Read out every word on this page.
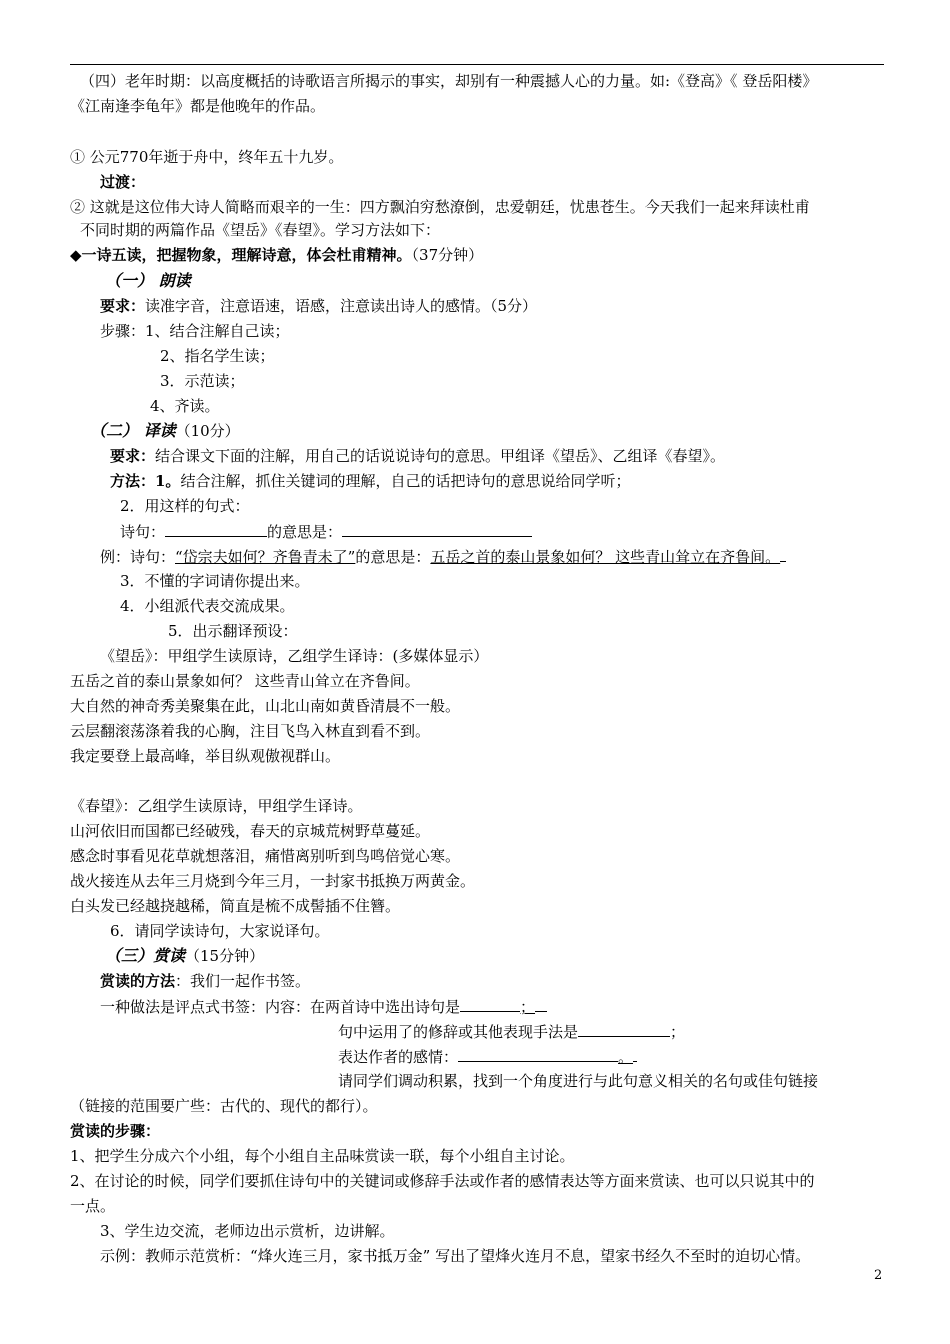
（四）老年时期：以高度概括的诗歌语言所揭示的事实，却别有一种震撼人心的力量。如:《登高》《 登岳阳楼》
《江南逢李龟年》都是他晚年的作品。
① 公元770年逝于舟中，终年五十九岁。
过渡：
② 这就是这位伟大诗人简略而艰辛的一生：四方飘泊穷愁潦倒，忠爱朝廷，忧患苍生。今天我们一起来拜读杜甫
不同时期的两篇作品《望岳》《春望》。学习方法如下：
◆一诗五读，把握物象，理解诗意，体会杜甫精神。（37分钟）
（一） 朗读
要求：读准字音，注意语速，语感，注意读出诗人的感情。（5分）
步骤：1、结合注解自己读；
2、指名学生读；
3．示范读；
4、齐读。
（二） 译读（10分）
要求：结合课文下面的注解，用自己的话说说诗句的意思。甲组译《望岳》、乙组译《春望》。
方法：1。结合注解，抓住关键词的理解，自己的话把诗句的意思说给同学听；
2．用这样的句式：
诗句：	的意思是：
例：诗句：“岱宗夫如何？齐鲁青未了”的意思是：五岳之首的泰山景象如何？ 这些青山耸立在齐鲁间。
3．不懂的字词请你提出来。
4．小组派代表交流成果。
5．出示翻译预设：
《望岳》：甲组学生读原诗，乙组学生译诗：(多媒体显示）
五岳之首的泰山景象如何？ 这些青山耸立在齐鲁间。
大自然的神奇秀美聚集在此，山北山南如黄昏清晨不一般。
云层翻滚荡涤着我的心胸，注目飞鸟入林直到看不到。
我定要登上最高峰，举目纵观傲视群山。
《春望》：乙组学生读原诗，甲组学生译诗。
山河依旧而国都已经破残，春天的京城荒树野草蔓延。
感念时事看见花草就想落泪，痛惜离别听到鸟鸣倍觉心寒。
战火接连从去年三月烧到今年三月，一封家书抵换万两黄金。
白头发已经越挠越稀，简直是梳不成髻插不住簪。
6．请同学读诗句，大家说译句。
（三）赏读（15分钟）
赏读的方法：我们一起作书签。
一种做法是评点式书签：内容：在两首诗中选出诗句是	；
句中运用了的修辞或其他表现手法是	；
表达作者的感情：	。
请同学们调动积累，找到一个角度进行与此句意义相关的名句或佳句链接
（链接的范围要广些：古代的、现代的都行）。
赏读的步骤：
1、把学生分成六个小组，每个小组自主品味赏读一联，每个小组自主讨论。
2、在讨论的时候，同学们要抓住诗句中的关键词或修辞手法或作者的感情表达等方面来赏读、也可以只说其中的
一点。
3、学生边交流，老师边出示赏析，边讲解。
示例：教师示范赏析：“烽火连三月，家书抵万金” 写出了望烽火连月不息，望家书经久不至时的迫切心情。
2
